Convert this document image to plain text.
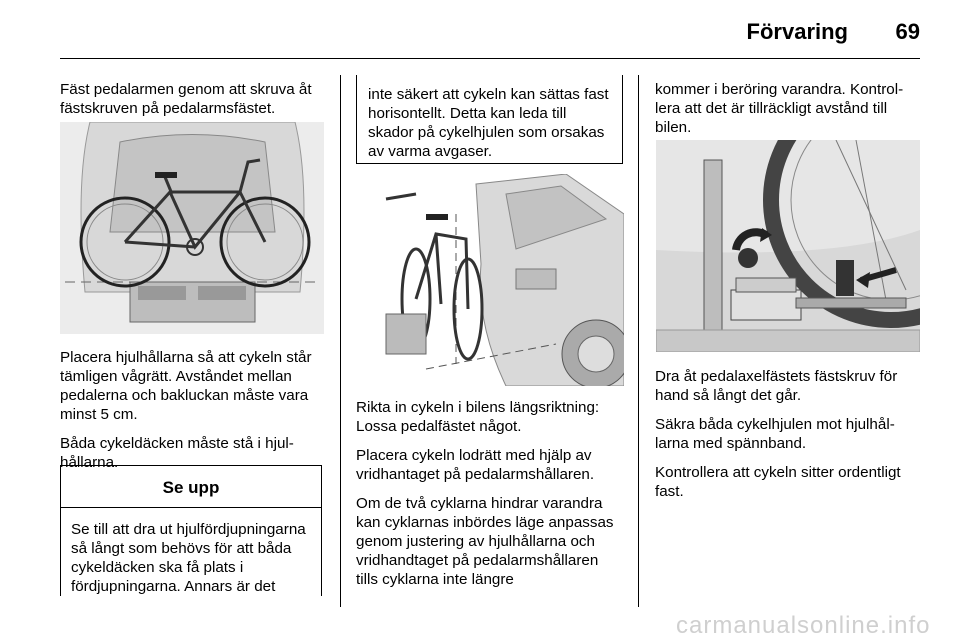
Förvaring	69

Fäst pedalarmen genom att skruva åt fästskruven på pedalarmsfästet.

Placera hjulhållarna så att cykeln står tämligen vågrätt. Avståndet mellan pedalerna och bakluckan måste vara minst 5 cm.

Båda cykeldäcken måste stå i hjulhållarna.

Se upp
Se till att dra ut hjulfördjupningarna så långt som behövs för att båda cykeldäcken ska få plats i fördjupningarna. Annars är det
inte säkert att cykeln kan sättas fast horisontellt. Detta kan leda till skador på cykelhjulen som orsakas av varma avgaser.

Rikta in cykeln i bilens längsriktning: Lossa pedalfästet något.

Placera cykeln lodrätt med hjälp av vridhantaget på pedalarmshållaren.

Om de två cyklarna hindrar varandra kan cyklarnas inbördes läge anpassas genom justering av hjulhållarna och vridhandtaget på pedalarmshållaren tills cyklarna inte längre

kommer i beröring varandra. Kontrollera att det är tillräckligt avstånd till bilen.

Dra åt pedalaxelfästets fästskruv för hand så långt det går.

Säkra båda cykelhjulen mot hjulhållarna med spännband.

Kontrollera att cykeln sitter ordentligt fast.

carmanualsonline.info
